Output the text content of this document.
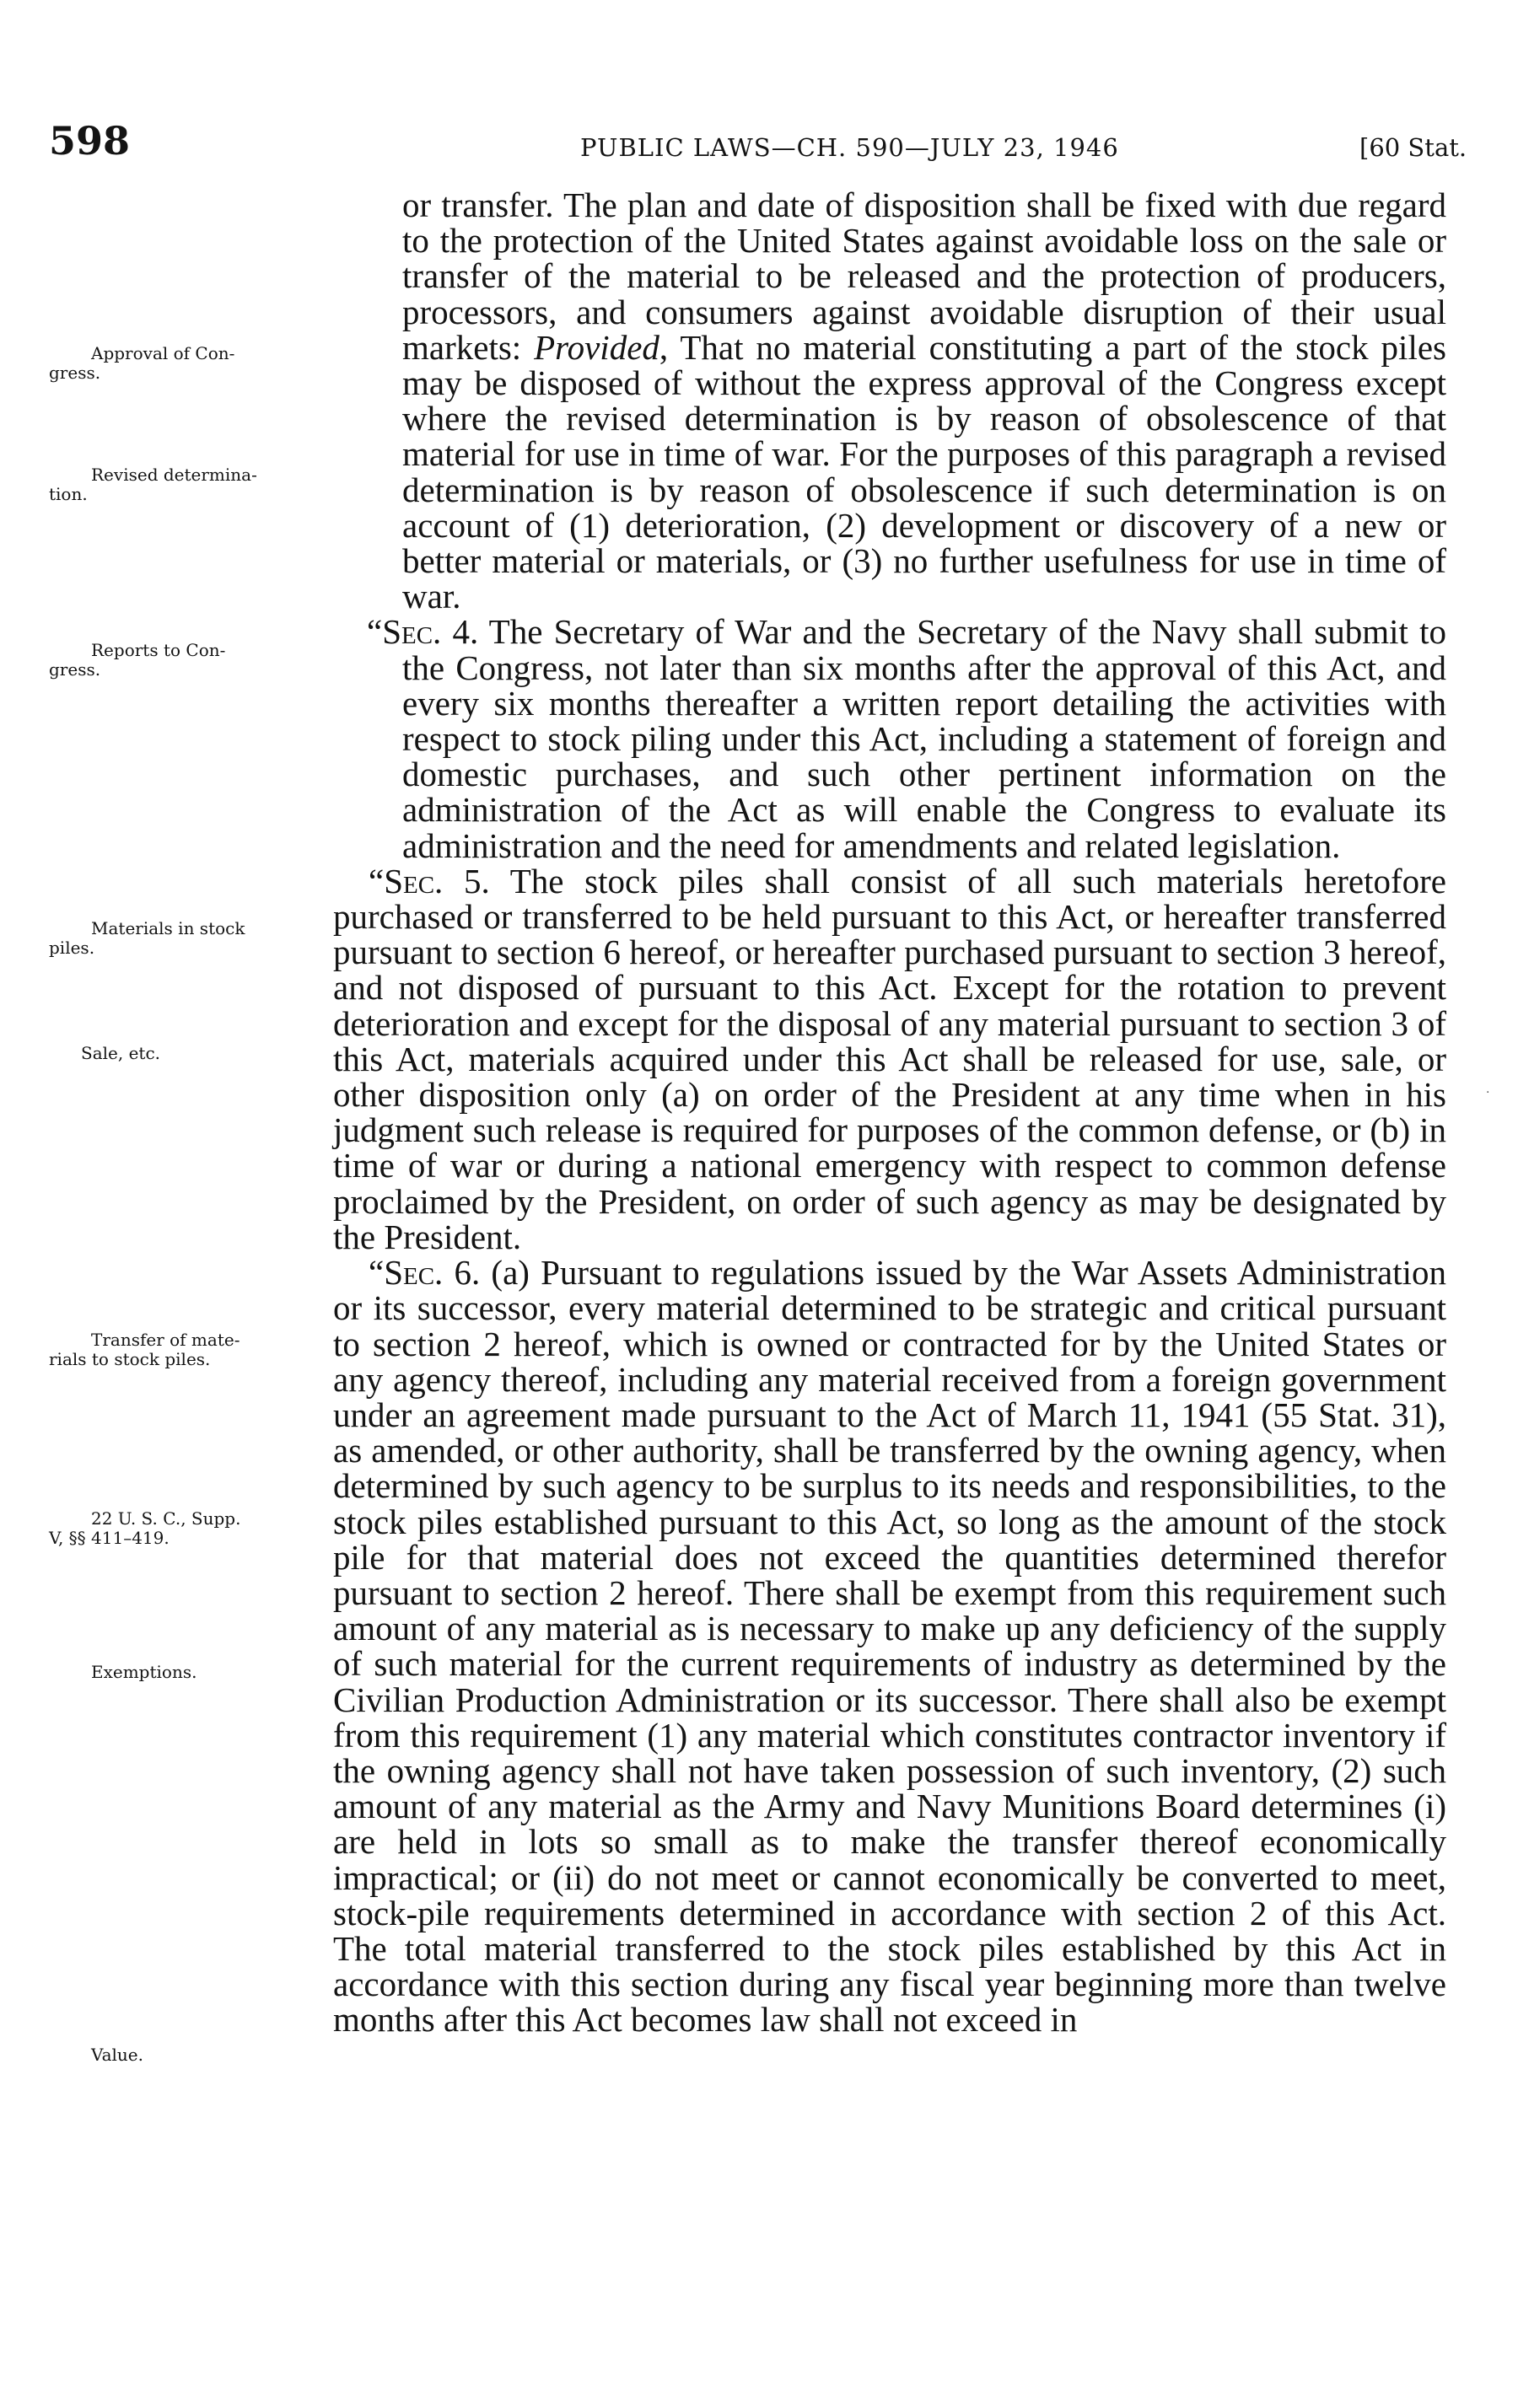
598	PUBLIC LAWS—CH. 590—JULY 23, 1946	[60 Stat.
Approval of Con-
gress.
Revised determina-
tion.
Reports to Con-
gress.
Materials in stock
piles.
Sale, etc.
Transfer of mate-
rials to stock piles.
22 U. S. C., Supp.
V, §§ 411–419.
Exemptions.
Value.

or transfer. The plan and date of disposition shall be fixed with due regard to the protection of the United States against avoidable loss on the sale or transfer of the material to be released and the protection of producers, processors, and consumers against avoidable disruption of their usual markets: Provided, That no material constituting a part of the stock piles may be disposed of without the express approval of the Congress except where the revised determination is by reason of obsolescence of that material for use in time of war. For the purposes of this paragraph a revised determination is by reason of obsolescence if such determination is on account of (1) deterioration, (2) development or discovery of a new or better material or materials, or (3) no further usefulness for use in time of war.

“Sec. 4. The Secretary of War and the Secretary of the Navy shall submit to the Congress, not later than six months after the approval of this Act, and every six months thereafter a written report detailing the activities with respect to stock piling under this Act, including a statement of foreign and domestic purchases, and such other pertinent information on the administration of the Act as will enable the Congress to evaluate its administration and the need for amendments and related legislation.

“Sec. 5. The stock piles shall consist of all such materials heretofore purchased or transferred to be held pursuant to this Act, or hereafter transferred pursuant to section 6 hereof, or hereafter purchased pursuant to section 3 hereof, and not disposed of pursuant to this Act. Except for the rotation to prevent deterioration and except for the disposal of any material pursuant to section 3 of this Act, materials acquired under this Act shall be released for use, sale, or other disposition only (a) on order of the President at any time when in his judgment such release is required for purposes of the common defense, or (b) in time of war or during a national emergency with respect to common defense proclaimed by the President, on order of such agency as may be designated by the President.

“Sec. 6. (a) Pursuant to regulations issued by the War Assets Administration or its successor, every material determined to be strategic and critical pursuant to section 2 hereof, which is owned or contracted for by the United States or any agency thereof, including any material received from a foreign government under an agreement made pursuant to the Act of March 11, 1941 (55 Stat. 31), as amended, or other authority, shall be transferred by the owning agency, when determined by such agency to be surplus to its needs and responsibilities, to the stock piles established pursuant to this Act, so long as the amount of the stock pile for that material does not exceed the quantities determined therefor pursuant to section 2 hereof. There shall be exempt from this requirement such amount of any material as is necessary to make up any deficiency of the supply of such material for the current requirements of industry as determined by the Civilian Production Administration or its successor. There shall also be exempt from this requirement (1) any material which constitutes contractor inventory if the owning agency shall not have taken possession of such inventory, (2) such amount of any material as the Army and Navy Munitions Board determines (i) are held in lots so small as to make the transfer thereof economically impractical; or (ii) do not meet or cannot economically be converted to meet, stock-pile requirements determined in accordance with section 2 of this Act. The total material transferred to the stock piles established by this Act in accordance with this section during any fiscal year beginning more than twelve months after this Act becomes law shall not exceed in

·
